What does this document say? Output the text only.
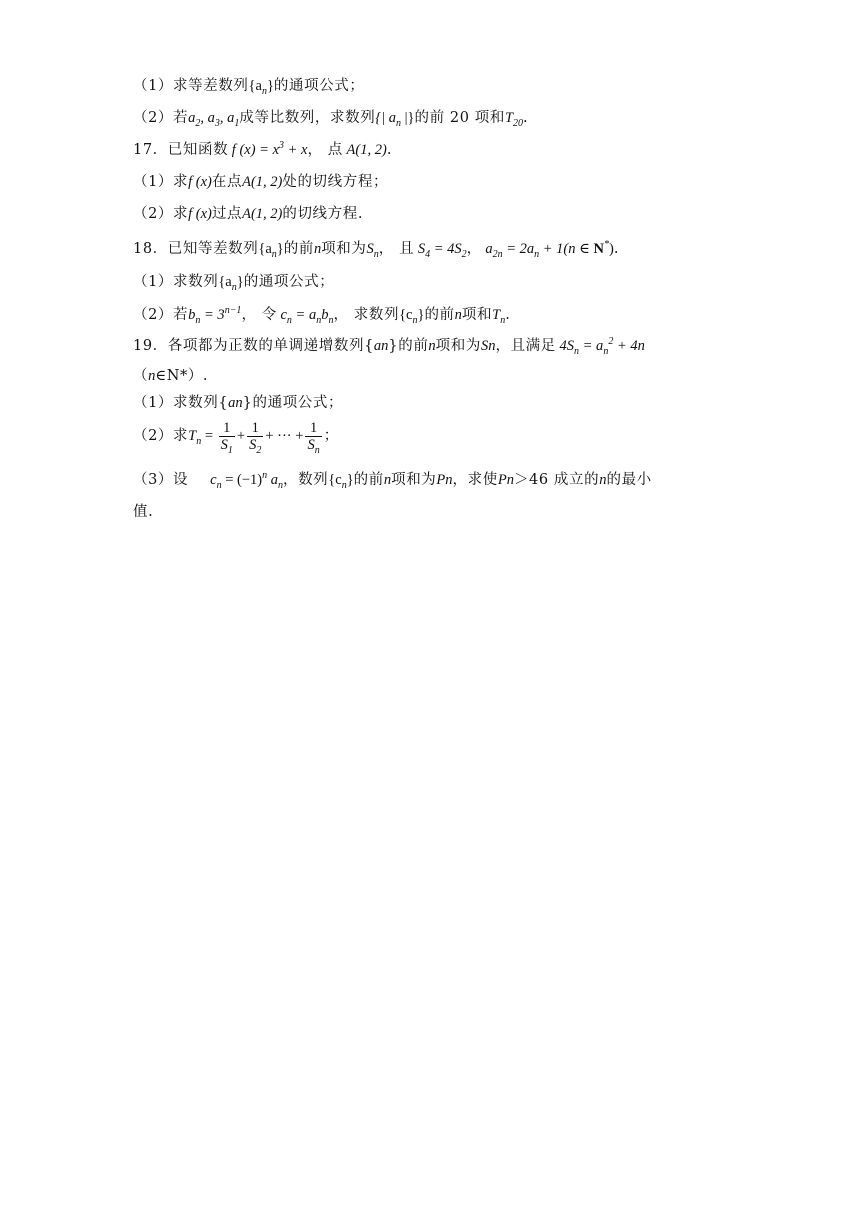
（1）求等差数列$\{a_n\}$的通项公式；
（2）若$a_2$, $a_3$, $a_1$成等比数列，求数列{| $a_n$ |}的前 20 项和$T_{20}$.
17．已知函数 f $(x) = x^3 + x$， 点 A(1, 2).
（1）求f (x)在点A(1, 2)处的切线方程；
（2）求f (x)过点A(1, 2)的切线方程.
18．已知等差数列$\{a_n\}$的前n项和为$S_n$， 且 $S_4 = 4S_2$， $a_{2n} = 2a_n + 1(n$ ∈ N*).
（1）求数列$\{a_n\}$的通项公式；
（2）若$b_n = 3^{n-1}$， 令 $c_n = a_nb_n$， 求数列$\{c_n\}$的前n项和$T_n$.
19．各项都为正数的单调递增数列{an}的前n项和为Sn，且满足 $4S_n = a_n^2 + 4n$
（n∈N*）.
（1）求数列{an}的通项公式；
（2）求$T_n = \frac{1}{S_1} + \frac{1}{S_2}$ + ··· + $\frac{1}{S_n}$ ；
（3）设 $c_n = (-1)^n$ $a_n$，数列$\{c_n\}$的前n项和为Pn，求使Pn＞46 成立的n的最小
值.
